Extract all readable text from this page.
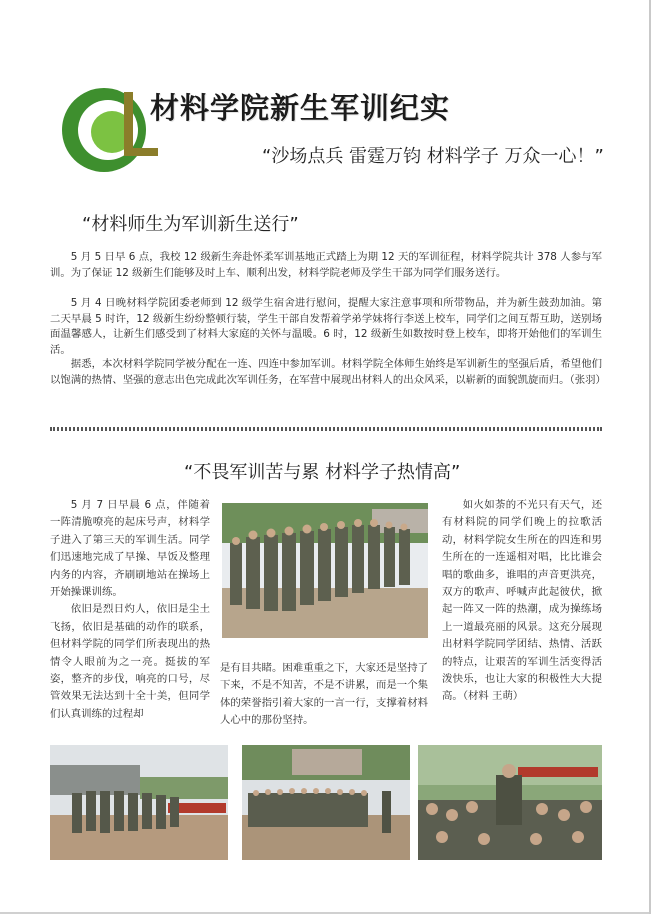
材料学院新生军训纪实
“沙场点兵 雷霆万钧 材料学子 万众一心！”
“材料师生为军训新生送行”

5 月 5 日早 6 点，我校 12 级新生奔赴怀柔军训基地正式踏上为期 12 天的军训征程，材料学院共计 378 人参与军训。为了保证 12 级新生们能够及时上车、顺利出发，材料学院老师及学生干部为同学们服务送行。

5 月 4 日晚材料学院团委老师到 12 级学生宿舍进行慰问，提醒大家注意事项和所带物品，并为新生鼓劲加油。第二天早晨 5 时许，12 级新生纷纷整顿行装，学生干部自发帮着学弟学妹将行李送上校车，同学们之间互帮互助，送别场面温馨感人，让新生们感受到了材料大家庭的关怀与温暖。6 时，12 级新生如数按时登上校车，即将开始他们的军训生活。

据悉，本次材料学院同学被分配在一连、四连中参加军训。材料学院全体师生始终是军训新生的坚强后盾，希望他们以饱满的热情、坚强的意志出色完成此次军训任务，在军营中展现出材料人的出众风采，以崭新的面貌凯旋而归。（张羽）

“不畏军训苦与累 材料学子热情高”

5 月 7 日早晨 6 点，伴随着一阵清脆嘹亮的起床号声，材料学子进入了第三天的军训生活。同学们迅速地完成了早操、早饭及整理内务的内容，齐刷刷地站在操场上开始操课训练。

依旧是烈日灼人，依旧是尘土飞扬，依旧是基础的动作的联系，但材料学院的同学们所表现出的热情令人眼前为之一亮。挺拔的军姿，整齐的步伐，响亮的口号，尽管效果无法达到十全十美，但同学们认真训练的过程却

是有目共睹。困难重重之下，大家还是坚持了下来，不是不知苦，不是不讲累，而是一个集体的荣誉指引着大家的一言一行，支撑着材料人心中的那份坚持。

如火如荼的不光只有天气，还有材料院的同学们晚上的拉歌活动，材料学院女生所在的四连和男生所在的一连遥相对唱，比比谁会唱的歌曲多，谁唱的声音更洪亮，双方的歌声、呼喊声此起彼伏，掀起一阵又一阵的热潮，成为操练场上一道最亮丽的风景。这充分展现出材料学院同学团结、热情、活跃的特点，让艰苦的军训生活变得活泼快乐，也让大家的积极性大大提高。（材料 王萌）
